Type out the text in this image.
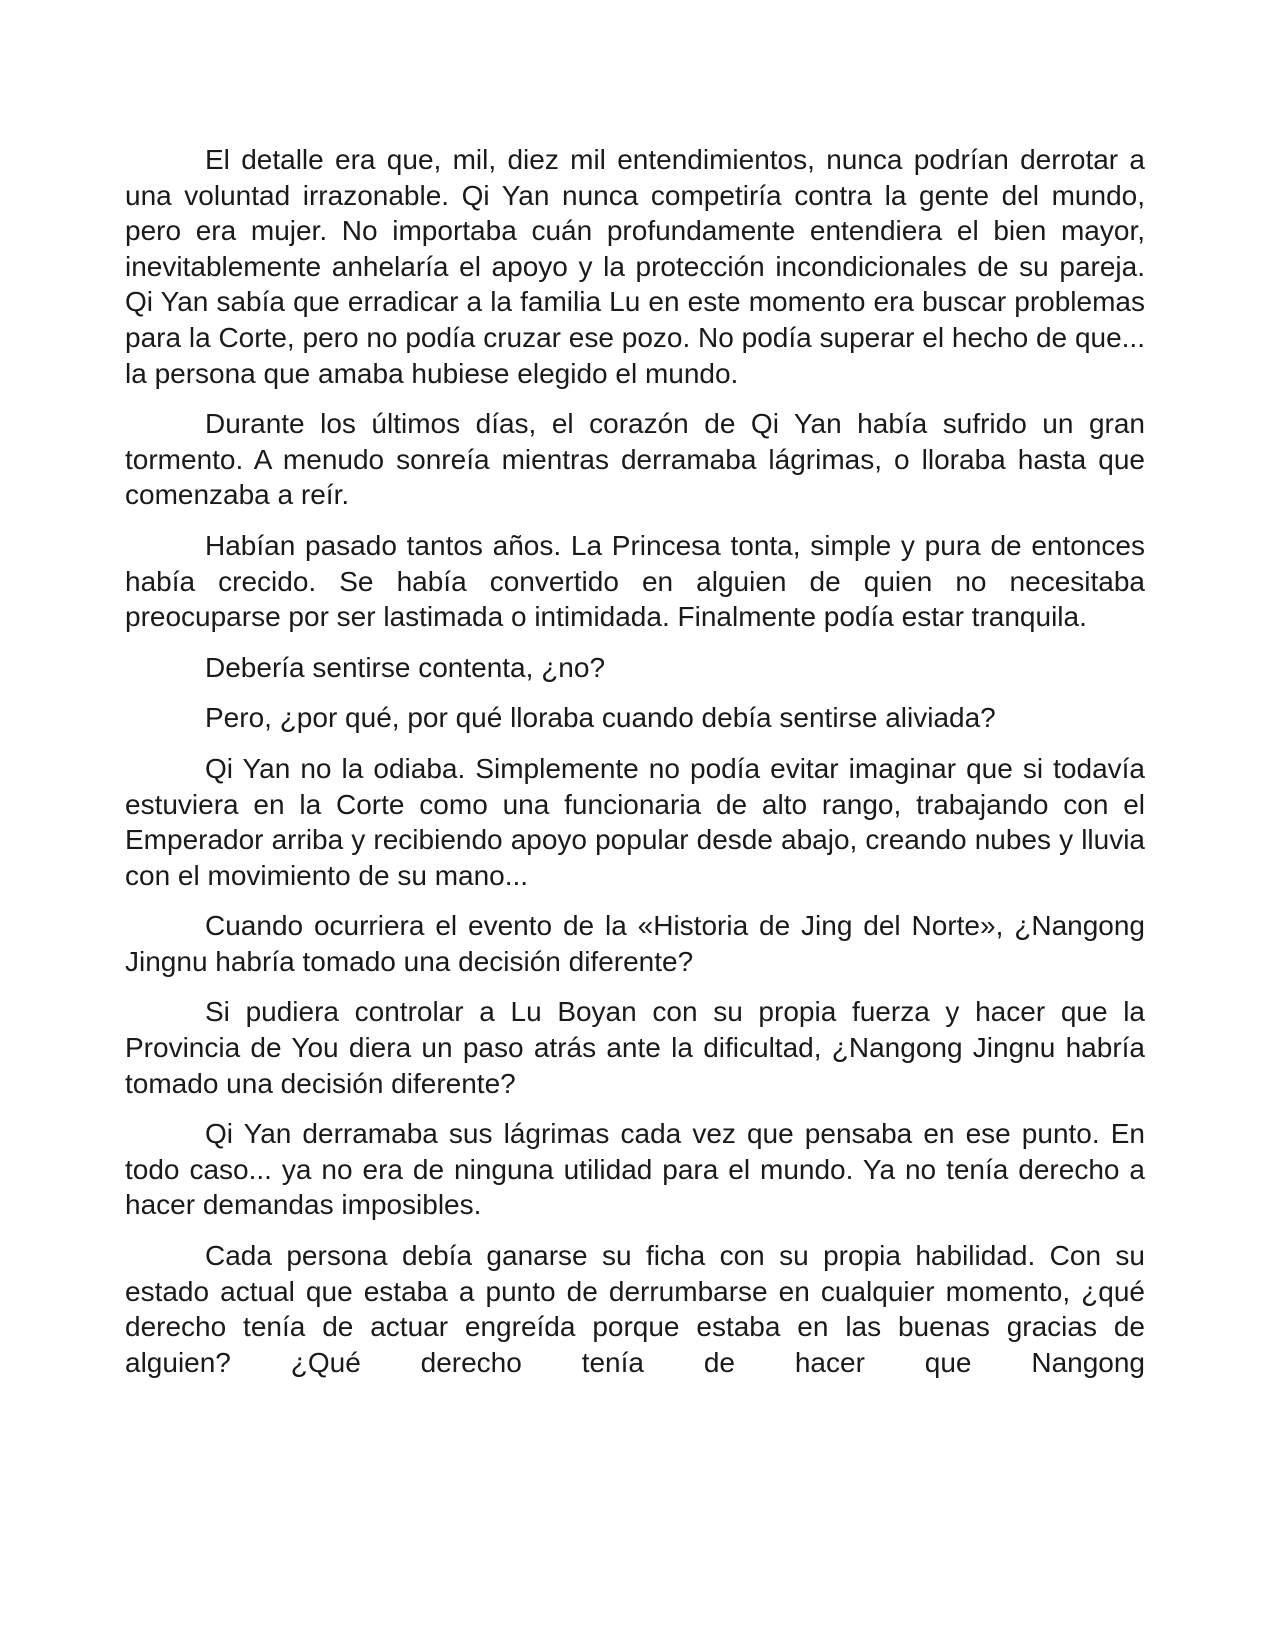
El detalle era que, mil, diez mil entendimientos, nunca podrían derrotar a una voluntad irrazonable. Qi Yan nunca competiría contra la gente del mundo, pero era mujer. No importaba cuán profundamente entendiera el bien mayor, inevitablemente anhelaría el apoyo y la protección incondicionales de su pareja. Qi Yan sabía que erradicar a la familia Lu en este momento era buscar problemas para la Corte, pero no podía cruzar ese pozo. No podía superar el hecho de que... la persona que amaba hubiese elegido el mundo.

Durante los últimos días, el corazón de Qi Yan había sufrido un gran tormento. A menudo sonreía mientras derramaba lágrimas, o lloraba hasta que comenzaba a reír.

Habían pasado tantos años. La Princesa tonta, simple y pura de entonces había crecido. Se había convertido en alguien de quien no necesitaba preocuparse por ser lastimada o intimidada. Finalmente podía estar tranquila.

Debería sentirse contenta, ¿no?

Pero, ¿por qué, por qué lloraba cuando debía sentirse aliviada?

Qi Yan no la odiaba. Simplemente no podía evitar imaginar que si todavía estuviera en la Corte como una funcionaria de alto rango, trabajando con el Emperador arriba y recibiendo apoyo popular desde abajo, creando nubes y lluvia con el movimiento de su mano...

Cuando ocurriera el evento de la «Historia de Jing del Norte», ¿Nangong Jingnu habría tomado una decisión diferente?

Si pudiera controlar a Lu Boyan con su propia fuerza y hacer que la Provincia de You diera un paso atrás ante la dificultad, ¿Nangong Jingnu habría tomado una decisión diferente?

Qi Yan derramaba sus lágrimas cada vez que pensaba en ese punto. En todo caso... ya no era de ninguna utilidad para el mundo. Ya no tenía derecho a hacer demandas imposibles.

Cada persona debía ganarse su ficha con su propia habilidad. Con su estado actual que estaba a punto de derrumbarse en cualquier momento, ¿qué derecho tenía de actuar engreída porque estaba en las buenas gracias de alguien? ¿Qué derecho tenía de hacer que Nangong
